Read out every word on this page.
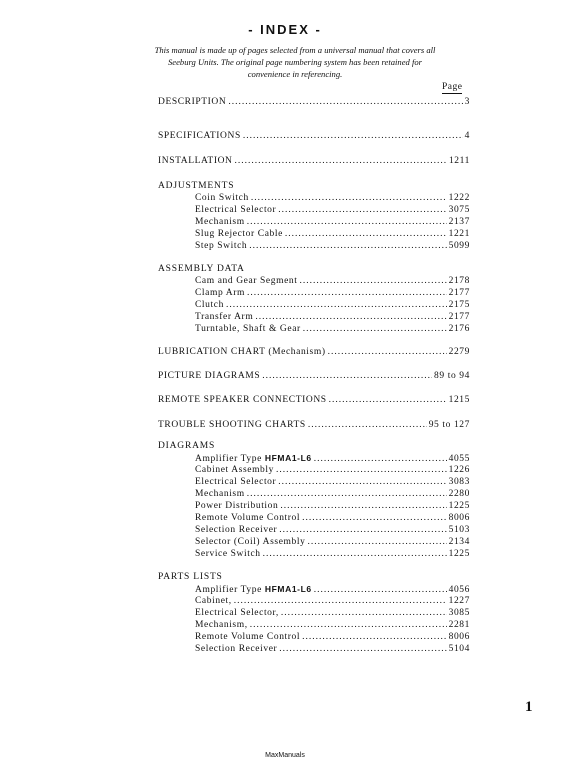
- INDEX -
This manual is made up of pages selected from a universal manual that covers all Seeburg Units. The original page numbering system has been retained for convenience in referencing.
Page
DESCRIPTION .....	3
SPECIFICATIONS .....	4
INSTALLATION .....	1211
ADJUSTMENTS
Coin Switch .....	1222
Electrical Selector .....	3075
Mechanism .....	2137
Slug Rejector Cable .....	1221
Step Switch .....	5099
ASSEMBLY DATA
Cam and Gear Segment .....	2178
Clamp Arm .....	2177
Clutch .....	2175
Transfer Arm .....	2177
Turntable, Shaft & Gear .....	2176
LUBRICATION CHART (Mechanism) .....	2279
PICTURE DIAGRAMS .....	89 to 94
REMOTE SPEAKER CONNECTIONS .....	1215
TROUBLE SHOOTING CHARTS .....	95 to 127
DIAGRAMS
Amplifier Type HFMA1-L6 .....	4055
Cabinet Assembly .....	1226
Electrical Selector .....	3083
Mechanism .....	2280
Power Distribution .....	1225
Remote Volume Control .....	8006
Selection Receiver .....	5103
Selector (Coil) Assembly .....	2134
Service Switch .....	1225
PARTS LISTS
Amplifier Type HFMA1-L6 .....	4056
Cabinet, .....	1227
Electrical Selector, .....	3085
Mechanism, .....	2281
Remote Volume Control .....	8006
Selection Receiver .....	5104
1
MaxManuals
